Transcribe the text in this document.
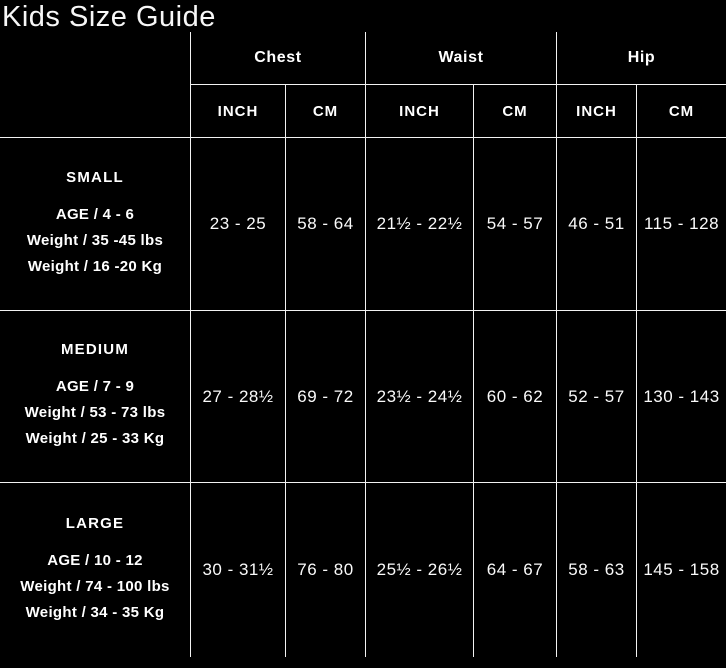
Kids Size Guide
Chest	Waist	Hip
INCH	CM	INCH	CM	INCH	CM
SMALL
AGE / 4 - 6
Weight / 35 -45 lbs
Weight / 16 -20 Kg
23 - 25	58 - 64	21½ - 22½	54 - 57	46 - 51	115 - 128
MEDIUM
AGE / 7 - 9
Weight / 53 - 73 lbs
Weight / 25 - 33 Kg
27 - 28½	69 - 72	23½ - 24½	60 - 62	52 - 57	130 - 143
LARGE
AGE / 10 - 12
Weight / 74 - 100 lbs
Weight / 34 - 35 Kg
30 - 31½	76 - 80	25½ - 26½	64 - 67	58 - 63	145 - 158
